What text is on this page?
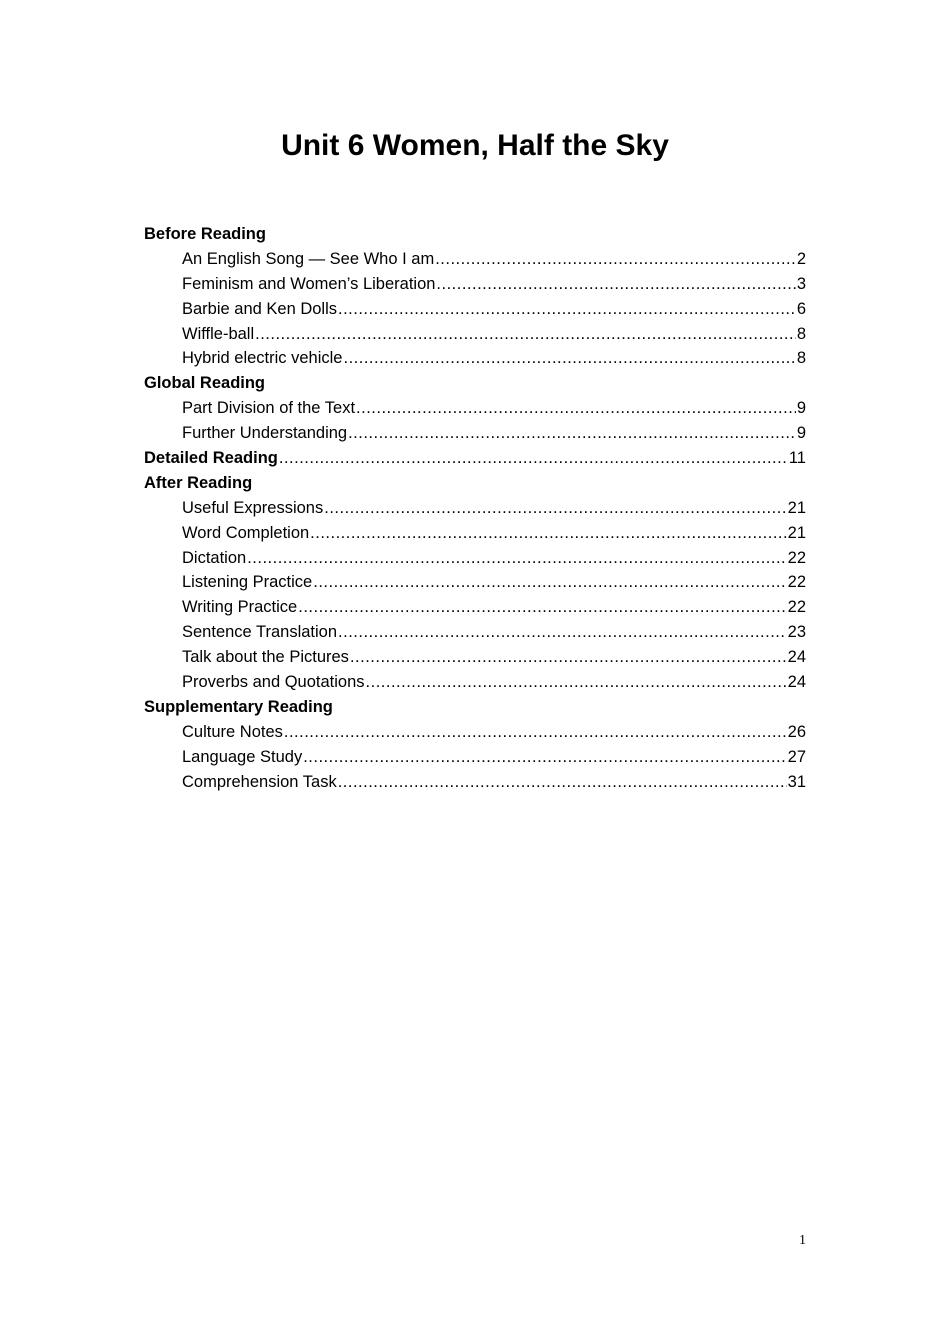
Unit 6 Women, Half the Sky
Before Reading
An English Song — See Who I am .....	2
Feminism and Women’s Liberation .....	3
Barbie and Ken Dolls .....	6
Wiffle-ball .....	8
Hybrid electric vehicle .....	8
Global Reading
Part Division of the Text .....	9
Further Understanding .....	9
Detailed Reading .....	11
After Reading
Useful Expressions .....	21
Word Completion .....	21
Dictation .....	22
Listening Practice .....	22
Writing Practice .....	22
Sentence Translation .....	23
Talk about the Pictures .....	24
Proverbs and Quotations .....	24
Supplementary Reading
Culture Notes .....	26
Language Study .....	27
Comprehension Task .....	31
1
